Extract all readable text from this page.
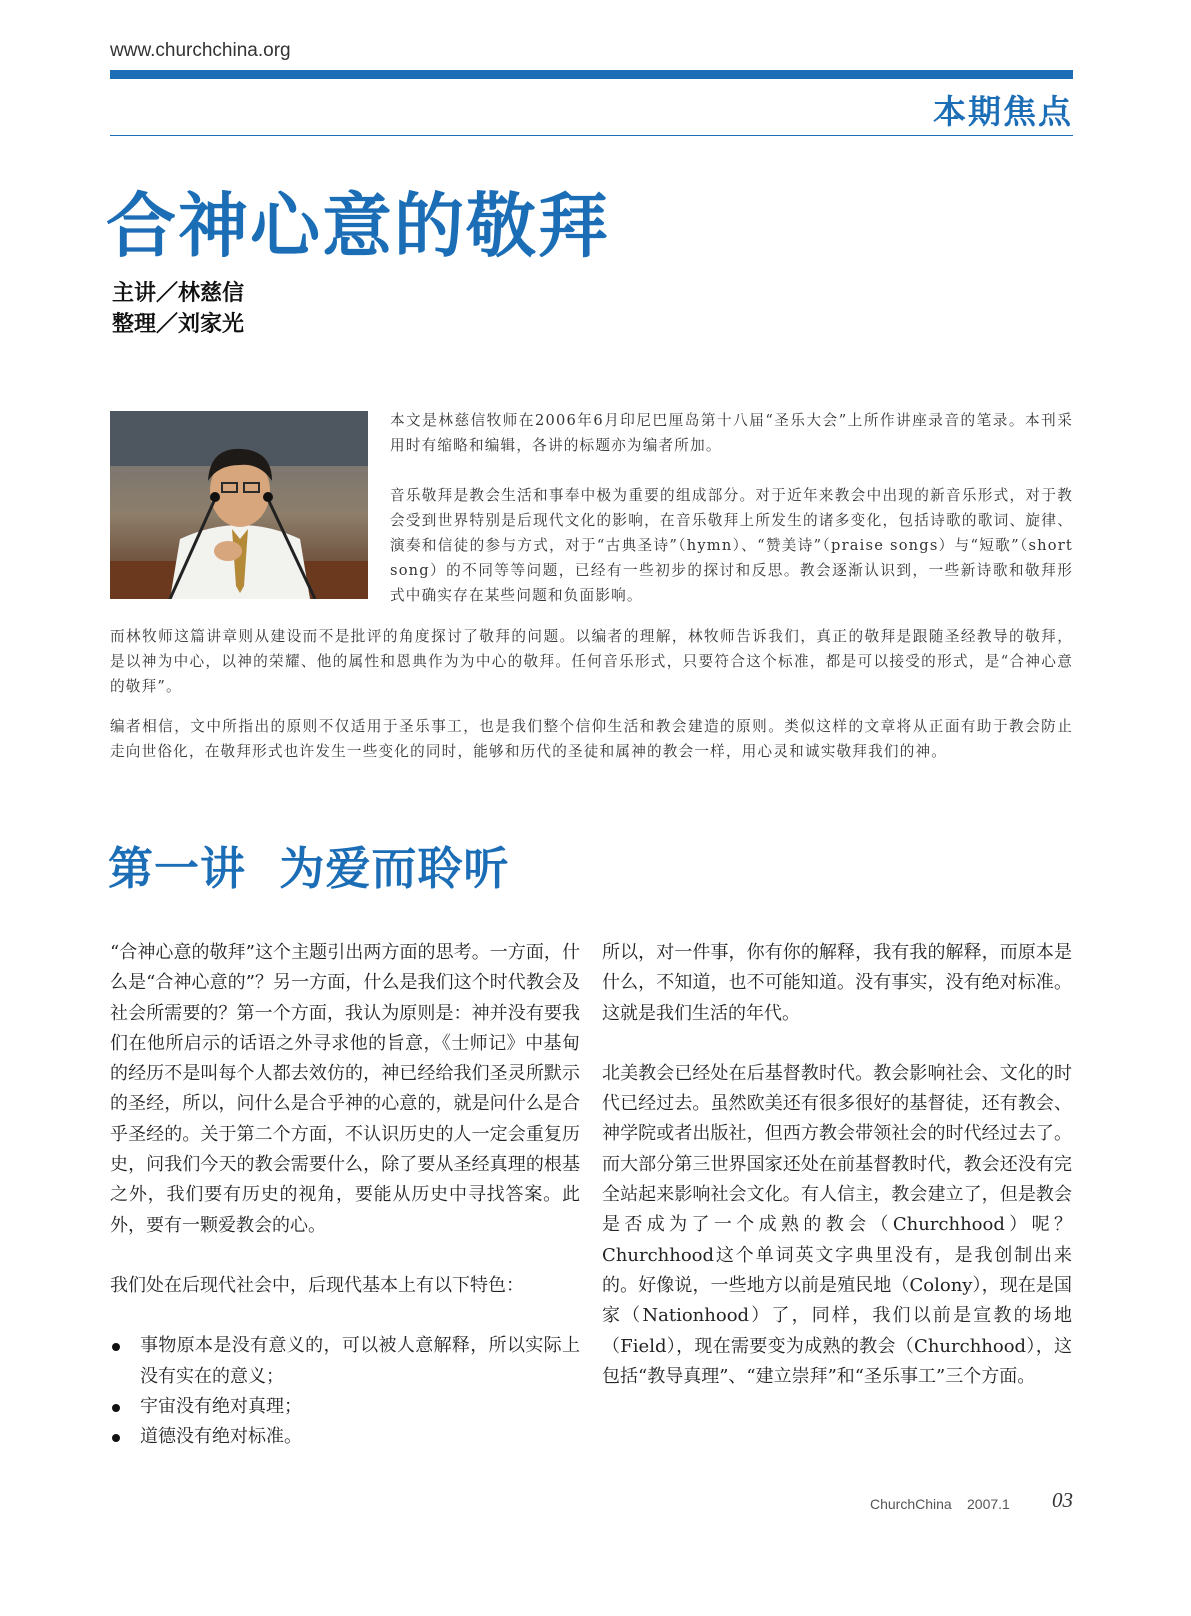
www.churchchina.org
本期焦点
合神心意的敬拜
主讲／林慈信
整理／刘家光

本文是林慈信牧师在2006年6月印尼巴厘岛第十八届“圣乐大会”上所作讲座录音的笔录。本刊采用时有缩略和编辑，各讲的标题亦为编者所加。

音乐敬拜是教会生活和事奉中极为重要的组成部分。对于近年来教会中出现的新音乐形式，对于教会受到世界特别是后现代文化的影响，在音乐敬拜上所发生的诸多变化，包括诗歌的歌词、旋律、演奏和信徒的参与方式，对于“古典圣诗”（hymn）、“赞美诗”（praise songs）与“短歌”（short song）的不同等等问题，已经有一些初步的探讨和反思。教会逐渐认识到，一些新诗歌和敬拜形式中确实存在某些问题和负面影响。

而林牧师这篇讲章则从建设而不是批评的角度探讨了敬拜的问题。以编者的理解，林牧师告诉我们，真正的敬拜是跟随圣经教导的敬拜，是以神为中心，以神的荣耀、他的属性和恩典作为为中心的敬拜。任何音乐形式，只要符合这个标准，都是可以接受的形式，是“合神心意的敬拜”。

编者相信，文中所指出的原则不仅适用于圣乐事工，也是我们整个信仰生活和教会建造的原则。类似这样的文章将从正面有助于教会防止走向世俗化，在敬拜形式也许发生一些变化的同时，能够和历代的圣徒和属神的教会一样，用心灵和诚实敬拜我们的神。

第一讲  为爱而聆听

“合神心意的敬拜”这个主题引出两方面的思考。一方面，什么是“合神心意的”？另一方面，什么是我们这个时代教会及社会所需要的？第一个方面，我认为原则是：神并没有要我们在他所启示的话语之外寻求他的旨意，《士师记》中基甸的经历不是叫每个人都去效仿的，神已经给我们圣灵所默示的圣经，所以，问什么是合乎神的心意的，就是问什么是合乎圣经的。关于第二个方面，不认识历史的人一定会重复历史，问我们今天的教会需要什么，除了要从圣经真理的根基之外，我们要有历史的视角，要能从历史中寻找答案。此外，要有一颗爱教会的心。

我们处在后现代社会中，后现代基本上有以下特色：

事物原本是没有意义的，可以被人意解释，所以实际上没有实在的意义；
宇宙没有绝对真理；
道德没有绝对标准。

所以，对一件事，你有你的解释，我有我的解释，而原本是什么，不知道，也不可能知道。没有事实，没有绝对标准。这就是我们生活的年代。

北美教会已经处在后基督教时代。教会影响社会、文化的时代已经过去。虽然欧美还有很多很好的基督徒，还有教会、神学院或者出版社，但西方教会带领社会的时代经过去了。而大部分第三世界国家还处在前基督教时代，教会还没有完全站起来影响社会文化。有人信主，教会建立了，但是教会是否成为了一个成熟的教会（Churchhood）呢？Churchhood这个单词英文字典里没有，是我创制出来的。好像说，一些地方以前是殖民地（Colony），现在是国家（Nationhood）了，同样，我们以前是宣教的场地（Field），现在需要变为成熟的教会（Churchhood），这包括“教导真理”、“建立崇拜”和“圣乐事工”三个方面。

ChurchChina 2007.1 03
